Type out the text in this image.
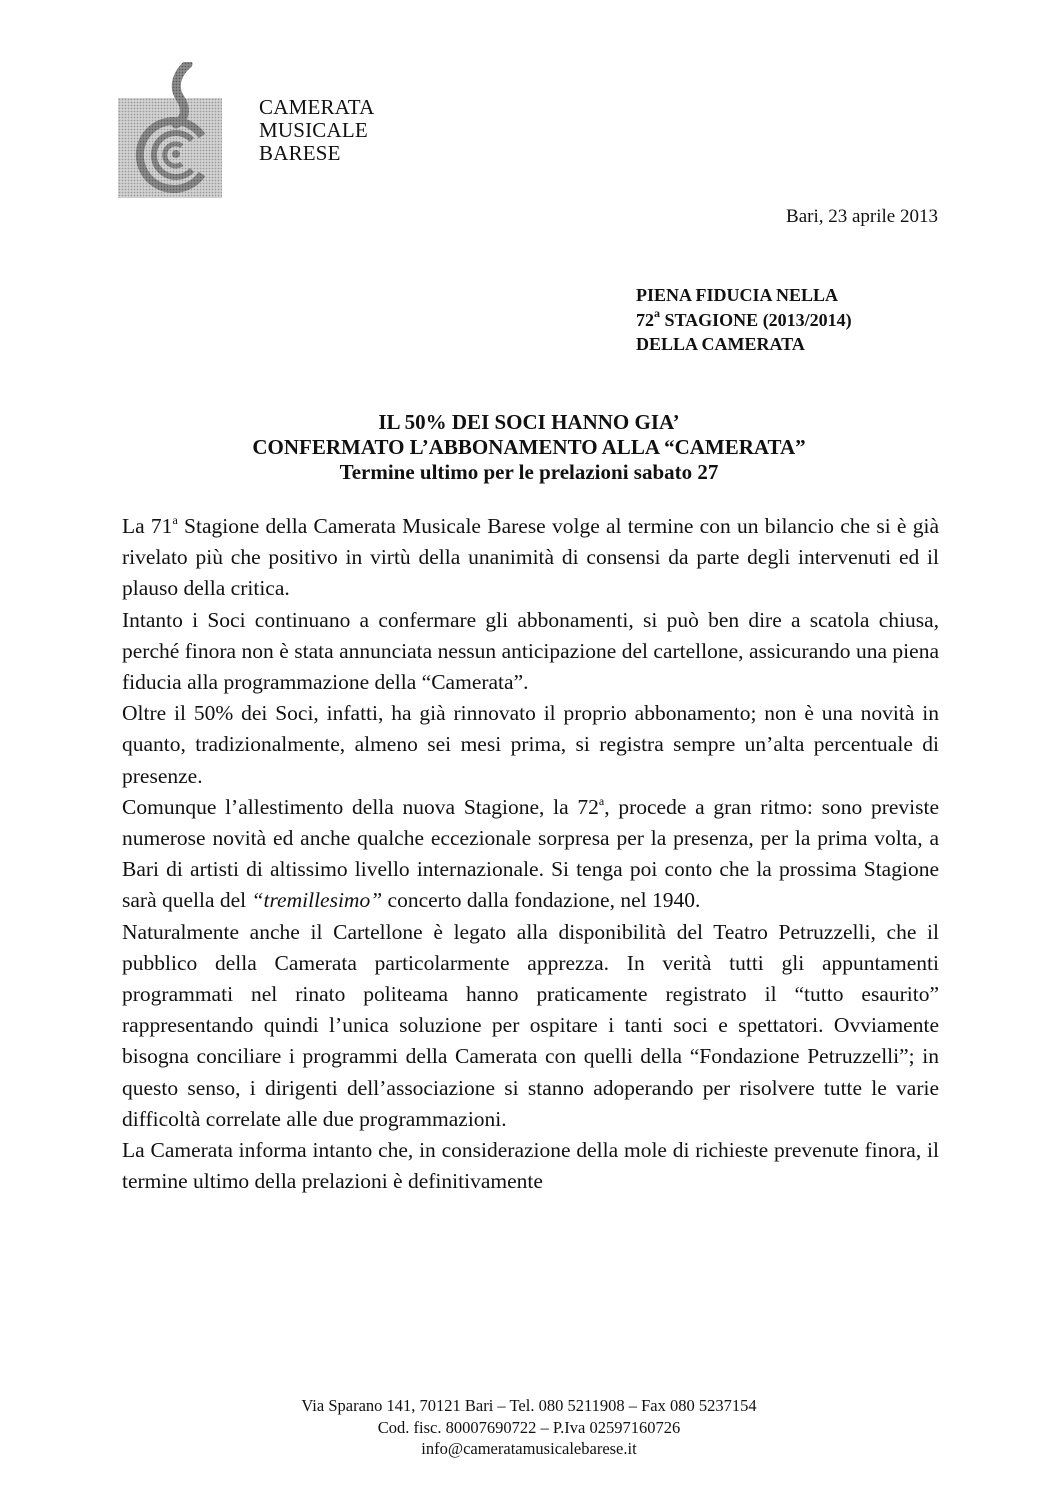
CAMERATA
MUSICALE
BARESE
Bari, 23 aprile 2013
PIENA FIDUCIA NELLA
72$^a$ STAGIONE (2013/2014)
DELLA CAMERATA
IL 50% DEI SOCI HANNO GIA’
CONFERMATO L’ABBONAMENTO ALLA “CAMERATA”
Termine ultimo per le prelazioni sabato 27

La 71$^a$ Stagione della Camerata Musicale Barese volge al termine con un bilancio che si è già rivelato più che positivo in virtù della unanimità di consensi da parte degli intervenuti ed il plauso della critica.

Intanto i Soci continuano a confermare gli abbonamenti, si può ben dire a scatola chiusa, perché finora non è stata annunciata nessun anticipazione del cartellone, assicurando una piena fiducia alla programmazione della “Camerata”.

Oltre il 50% dei Soci, infatti, ha già rinnovato il proprio abbonamento; non è una novità in quanto, tradizionalmente, almeno sei mesi prima, si registra sempre un’alta percentuale di presenze.

Comunque l’allestimento della nuova Stagione, la 72$^a$, procede a gran ritmo: sono previste numerose novità ed anche qualche eccezionale sorpresa per la presenza, per la prima volta, a Bari di artisti di altissimo livello internazionale. Si tenga poi conto che la prossima Stagione sarà quella del “tremillesimo” concerto dalla fondazione, nel 1940.

Naturalmente anche il Cartellone è legato alla disponibilità del Teatro Petruzzelli, che il pubblico della Camerata particolarmente apprezza. In verità tutti gli appuntamenti programmati nel rinato politeama hanno praticamente registrato il “tutto esaurito” rappresentando quindi l’unica soluzione per ospitare i tanti soci e spettatori. Ovviamente bisogna conciliare i programmi della Camerata con quelli della “Fondazione Petruzzelli”; in questo senso, i dirigenti dell’associazione si stanno adoperando per risolvere tutte le varie difficoltà correlate alle due programmazioni.

La Camerata informa intanto che, in considerazione della mole di richieste prevenute finora, il termine ultimo della prelazioni è definitivamente

Via Sparano 141, 70121 Bari – Tel. 080 5211908 – Fax 080 5237154
Cod. fisc. 80007690722 – P.Iva 02597160726
info@cameratamusicalebarese.it
